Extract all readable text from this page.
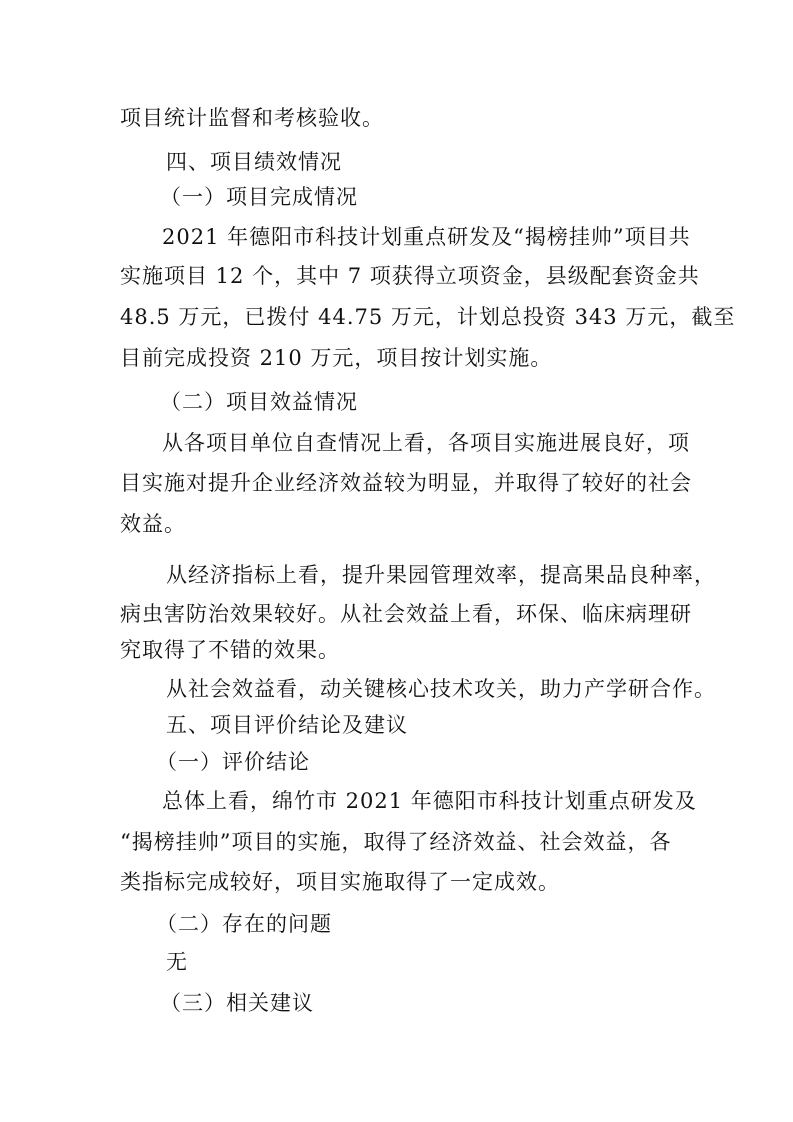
项目统计监督和考核验收。

四、项目绩效情况

（一）项目完成情况

2021 年德阳市科技计划重点研发及“揭榜挂帅”项目共

实施项目 12 个，其中 7 项获得立项资金，县级配套资金共

48.5 万元，已拨付 44.75 万元，计划总投资 343 万元，截至

目前完成投资 210 万元，项目按计划实施。

（二）项目效益情况

从各项目单位自查情况上看，各项目实施进展良好，项

目实施对提升企业经济效益较为明显，并取得了较好的社会

效益。

从经济指标上看，提升果园管理效率，提高果品良种率，

病虫害防治效果较好。从社会效益上看，环保、临床病理研

究取得了不错的效果。

从社会效益看，动关键核心技术攻关，助力产学研合作。

五、项目评价结论及建议

（一）评价结论

总体上看，绵竹市 2021 年德阳市科技计划重点研发及

“揭榜挂帅”项目的实施，取得了经济效益、社会效益，各

类指标完成较好，项目实施取得了一定成效。

（二）存在的问题

无

（三）相关建议
